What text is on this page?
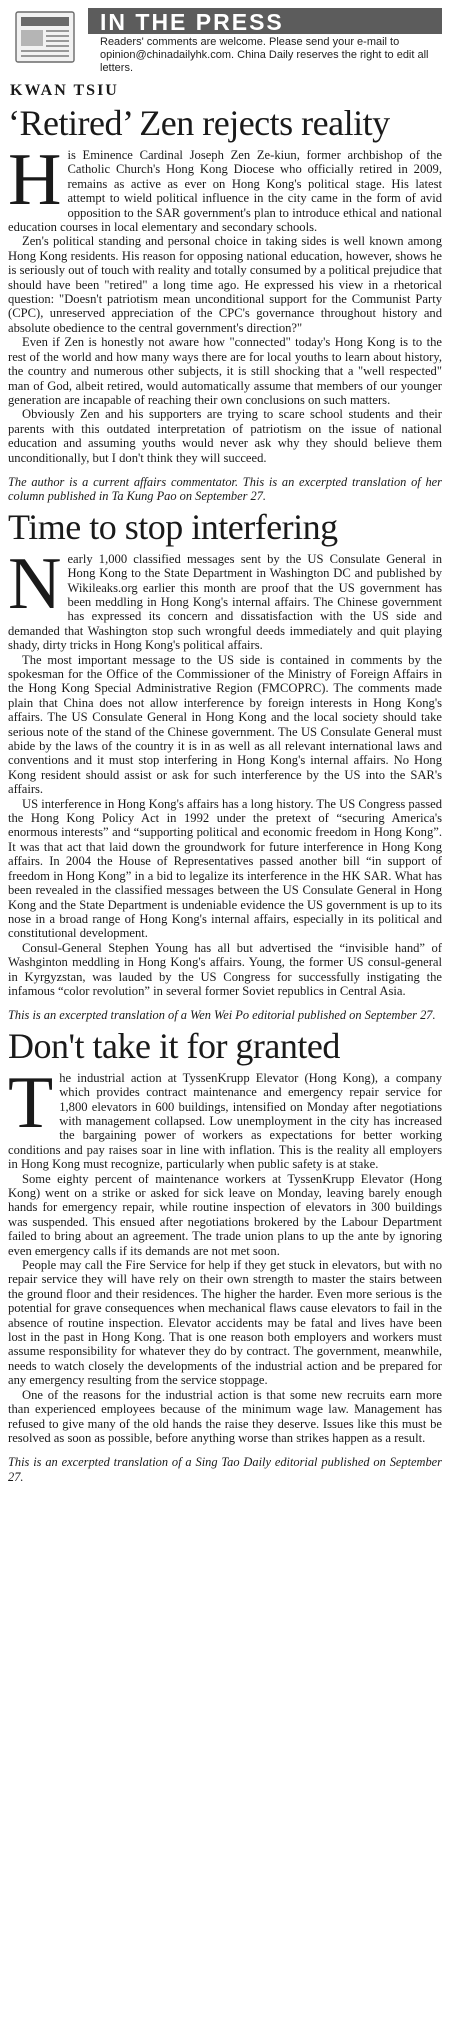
IN THE PRESS
Readers' comments are welcome. Please send your e-mail to opinion@chinadailyhk.com. China Daily reserves the right to edit all letters.
KWAN TSIU
‘Retired’ Zen rejects reality

His Eminence Cardinal Joseph Zen Ze-kiun, former archbishop of the Catholic Church's Hong Kong Diocese who officially retired in 2009, remains as active as ever on Hong Kong's political stage. His latest attempt to wield political influence in the city came in the form of avid opposition to the SAR government's plan to introduce ethical and national education courses in local elementary and secondary schools.

Zen's political standing and personal choice in taking sides is well known among Hong Kong residents. His reason for opposing national education, however, shows he is seriously out of touch with reality and totally consumed by a political prejudice that should have been "retired" a long time ago. He expressed his view in a rhetorical question: "Doesn't patriotism mean unconditional support for the Communist Party (CPC), unreserved appreciation of the CPC's governance throughout history and absolute obedience to the central government's direction?"

Even if Zen is honestly not aware how "connected" today's Hong Kong is to the rest of the world and how many ways there are for local youths to learn about history, the country and numerous other subjects, it is still shocking that a "well respected" man of God, albeit retired, would automatically assume that members of our younger generation are incapable of reaching their own conclusions on such matters.

Obviously Zen and his supporters are trying to scare school students and their parents with this outdated interpretation of patriotism on the issue of national education and assuming youths would never ask why they should believe them unconditionally, but I don't think they will succeed.

The author is a current affairs commentator. This is an excerpted translation of her column published in Ta Kung Pao on September 27.
Time to stop interfering

Nearly 1,000 classified messages sent by the US Consulate General in Hong Kong to the State Department in Washington DC and published by Wikileaks.org earlier this month are proof that the US government has been meddling in Hong Kong's internal affairs. The Chinese government has expressed its concern and dissatisfaction with the US side and demanded that Washington stop such wrongful deeds immediately and quit playing shady, dirty tricks in Hong Kong's political affairs.

The most important message to the US side is contained in comments by the spokesman for the Office of the Commissioner of the Ministry of Foreign Affairs in the Hong Kong Special Administrative Region (FMCOPRC). The comments made plain that China does not allow interference by foreign interests in Hong Kong's affairs. The US Consulate General in Hong Kong and the local society should take serious note of the stand of the Chinese government. The US Consulate General must abide by the laws of the country it is in as well as all relevant international laws and conventions and it must stop interfering in Hong Kong's internal affairs. No Hong Kong resident should assist or ask for such interference by the US into the SAR's affairs.

US interference in Hong Kong's affairs has a long history. The US Congress passed the Hong Kong Policy Act in 1992 under the pretext of “securing America's enormous interests” and “supporting political and economic freedom in Hong Kong”. It was that act that laid down the groundwork for future interference in Hong Kong affairs. In 2004 the House of Representatives passed another bill “in support of freedom in Hong Kong” in a bid to legalize its interference in the HK SAR. What has been revealed in the classified messages between the US Consulate General in Hong Kong and the State Department is undeniable evidence the US government is up to its nose in a broad range of Hong Kong's internal affairs, especially in its political and constitutional development.

Consul-General Stephen Young has all but advertised the “invisible hand” of Washginton meddling in Hong Kong's affairs. Young, the former US consul-general in Kyrgyzstan, was lauded by the US Congress for successfully instigating the infamous “color revolution” in several former Soviet republics in Central Asia.

This is an excerpted translation of a Wen Wei Po editorial published on September 27.
Don't take it for granted

The industrial action at TyssenKrupp Elevator (Hong Kong), a company which provides contract maintenance and emergency repair service for 1,800 elevators in 600 buildings, intensified on Monday after negotiations with management collapsed. Low unemployment in the city has increased the bargaining power of workers as expectations for better working conditions and pay raises soar in line with inflation. This is the reality all employers in Hong Kong must recognize, particularly when public safety is at stake.

Some eighty percent of maintenance workers at TyssenKrupp Elevator (Hong Kong) went on a strike or asked for sick leave on Monday, leaving barely enough hands for emergency repair, while routine inspection of elevators in 300 buildings was suspended. This ensued after negotiations brokered by the Labour Department failed to bring about an agreement. The trade union plans to up the ante by ignoring even emergency calls if its demands are not met soon.

People may call the Fire Service for help if they get stuck in elevators, but with no repair service they will have rely on their own strength to master the stairs between the ground floor and their residences. The higher the harder. Even more serious is the potential for grave consequences when mechanical flaws cause elevators to fail in the absence of routine inspection. Elevator accidents may be fatal and lives have been lost in the past in Hong Kong. That is one reason both employers and workers must assume responsibility for whatever they do by contract. The government, meanwhile, needs to watch closely the developments of the industrial action and be prepared for any emergency resulting from the service stoppage.

One of the reasons for the industrial action is that some new recruits earn more than experienced employees because of the minimum wage law. Management has refused to give many of the old hands the raise they deserve. Issues like this must be resolved as soon as possible, before anything worse than strikes happen as a result.

This is an excerpted translation of a Sing Tao Daily editorial published on September 27.
